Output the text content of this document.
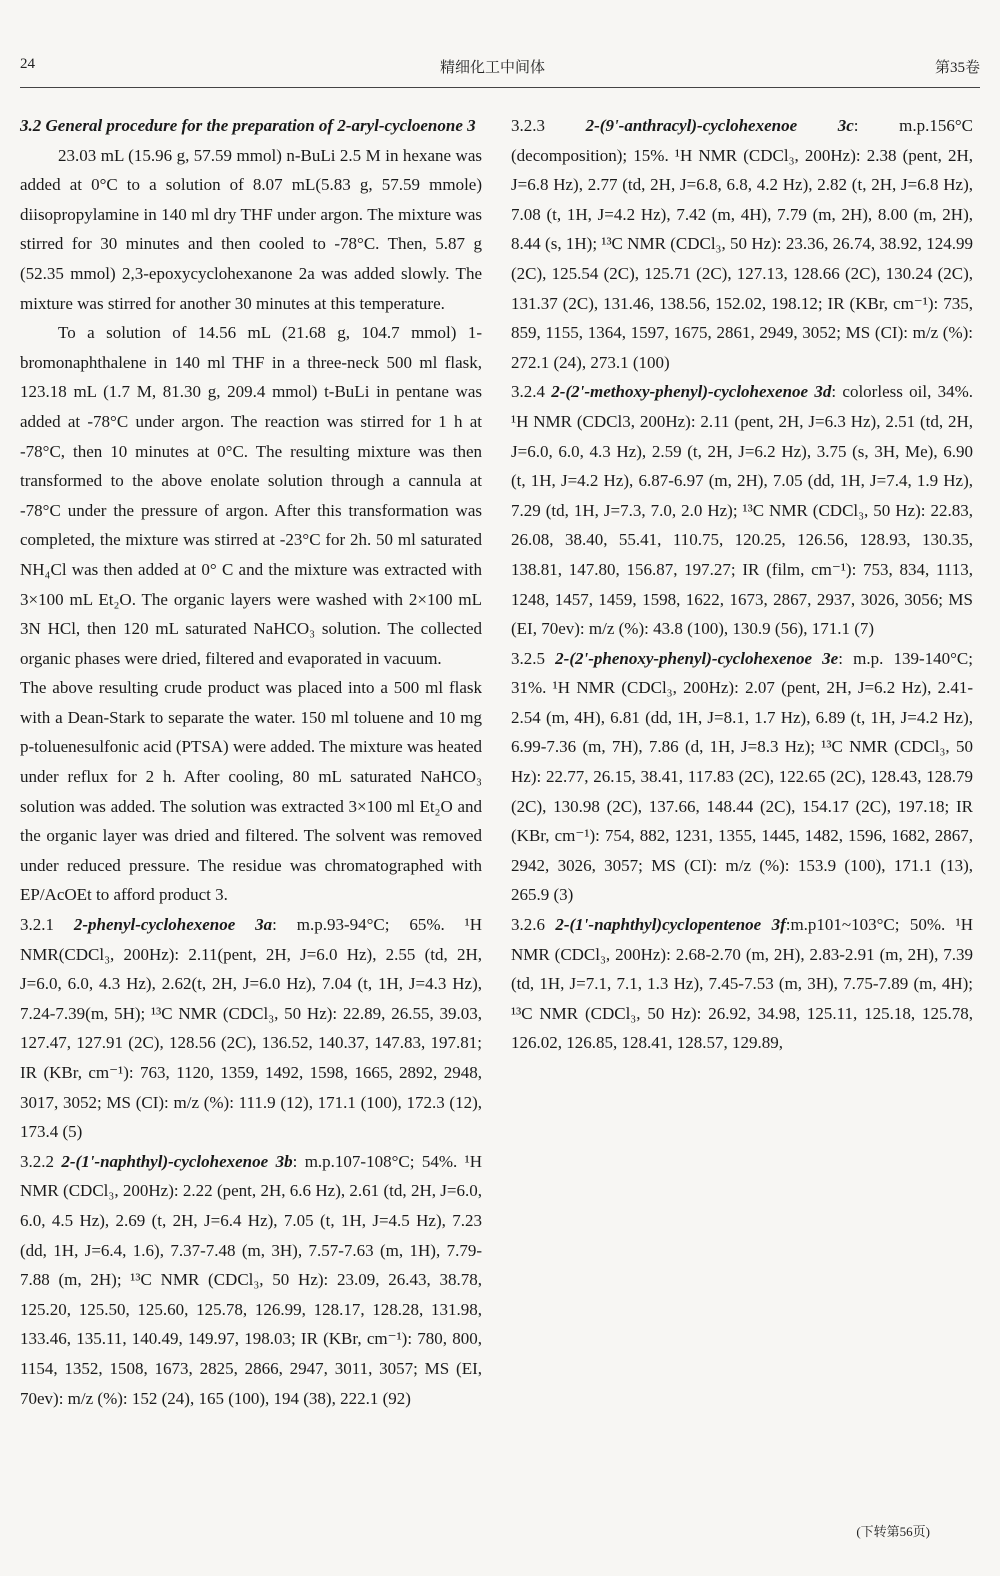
24	精细化工中间体	第35卷

3.2 General procedure for the preparation of 2-aryl-cycloenone 3

23.03 mL (15.96 g, 57.59 mmol) n-BuLi 2.5 M in hexane was added at 0°C to a solution of 8.07 mL(5.83 g, 57.59 mmole) diisopropylamine in 140 ml dry THF under argon. The mixture was stirred for 30 minutes and then cooled to -78°C. Then, 5.87 g (52.35 mmol) 2,3-epoxycyclohexanone 2a was added slowly. The mixture was stirred for another 30 minutes at this temperature.

To a solution of 14.56 mL (21.68 g, 104.7 mmol) 1-bromonaphthalene in 140 ml THF in a three-neck 500 ml flask, 123.18 mL (1.7 M, 81.30 g, 209.4 mmol) t-BuLi in pentane was added at -78°C under argon. The reaction was stirred for 1 h at -78°C, then 10 minutes at 0°C. The resulting mixture was then transformed to the above enolate solution through a cannula at -78°C under the pressure of argon. After this transformation was completed, the mixture was stirred at -23°C for 2h. 50 ml saturated NH₄Cl was then added at 0° C and the mixture was extracted with 3×100 mL Et₂O. The organic layers were washed with 2×100 mL 3N HCl, then 120 mL saturated NaHCO₃ solution. The collected organic phases were dried, filtered and evaporated in vacuum.

The above resulting crude product was placed into a 500 ml flask with a Dean-Stark to separate the water. 150 ml toluene and 10 mg p-toluenesulfonic acid (PTSA) were added. The mixture was heated under reflux for 2 h. After cooling, 80 mL saturated NaHCO₃ solution was added. The solution was extracted 3×100 ml Et₂O and the organic layer was dried and filtered. The solvent was removed under reduced pressure. The residue was chromatographed with EP/AcOEt to afford product 3.

3.2.1 2-phenyl-cyclohexenoe 3a: m.p.93-94°C; 65%. ¹H NMR(CDCl₃, 200Hz): 2.11(pent, 2H, J=6.0 Hz), 2.55 (td, 2H, J=6.0, 6.0, 4.3 Hz), 2.62(t, 2H, J=6.0 Hz), 7.04 (t, 1H, J=4.3 Hz), 7.24-7.39(m, 5H); ¹³C NMR (CDCl₃, 50 Hz): 22.89, 26.55, 39.03, 127.47, 127.91 (2C), 128.56 (2C), 136.52, 140.37, 147.83, 197.81; IR (KBr, cm⁻¹): 763, 1120, 1359, 1492, 1598, 1665, 2892, 2948, 3017, 3052; MS (CI): m/z (%): 111.9 (12), 171.1 (100), 172.3 (12), 173.4 (5)

3.2.2 2-(1'-naphthyl)-cyclohexenoe 3b: m.p.107-108°C; 54%. ¹H NMR (CDCl₃, 200Hz): 2.22 (pent, 2H, 6.6 Hz), 2.61 (td, 2H, J=6.0, 6.0, 4.5 Hz), 2.69 (t, 2H, J=6.4 Hz), 7.05 (t, 1H, J=4.5 Hz), 7.23 (dd, 1H, J=6.4, 1.6), 7.37-7.48 (m, 3H), 7.57-7.63 (m, 1H), 7.79-7.88 (m, 2H); ¹³C NMR (CDCl₃, 50 Hz): 23.09, 26.43, 38.78, 125.20, 125.50, 125.60, 125.78, 126.99, 128.17, 128.28, 131.98, 133.46, 135.11, 140.49, 149.97, 198.03; IR (KBr, cm⁻¹): 780, 800, 1154, 1352, 1508, 1673, 2825, 2866, 2947, 3011, 3057; MS (EI, 70ev): m/z (%): 152 (24), 165 (100), 194 (38), 222.1 (92)

3.2.3 2-(9'-anthracyl)-cyclohexenoe 3c: m.p.156°C (decomposition); 15%. ¹H NMR (CDCl₃, 200Hz): 2.38 (pent, 2H, J=6.8 Hz), 2.77 (td, 2H, J=6.8, 6.8, 4.2 Hz), 2.82 (t, 2H, J=6.8 Hz), 7.08 (t, 1H, J=4.2 Hz), 7.42 (m, 4H), 7.79 (m, 2H), 8.00 (m, 2H), 8.44 (s, 1H); ¹³C NMR (CDCl₃, 50 Hz): 23.36, 26.74, 38.92, 124.99 (2C), 125.54 (2C), 125.71 (2C), 127.13, 128.66 (2C), 130.24 (2C), 131.37 (2C), 131.46, 138.56, 152.02, 198.12; IR (KBr, cm⁻¹): 735, 859, 1155, 1364, 1597, 1675, 2861, 2949, 3052; MS (CI): m/z (%): 272.1 (24), 273.1 (100)

3.2.4 2-(2'-methoxy-phenyl)-cyclohexenoe 3d: colorless oil, 34%. ¹H NMR (CDCl3, 200Hz): 2.11 (pent, 2H, J=6.3 Hz), 2.51 (td, 2H, J=6.0, 6.0, 4.3 Hz), 2.59 (t, 2H, J=6.2 Hz), 3.75 (s, 3H, Me), 6.90 (t, 1H, J=4.2 Hz), 6.87-6.97 (m, 2H), 7.05 (dd, 1H, J=7.4, 1.9 Hz), 7.29 (td, 1H, J=7.3, 7.0, 2.0 Hz); ¹³C NMR (CDCl₃, 50 Hz): 22.83, 26.08, 38.40, 55.41, 110.75, 120.25, 126.56, 128.93, 130.35, 138.81, 147.80, 156.87, 197.27; IR (film, cm⁻¹): 753, 834, 1113, 1248, 1457, 1459, 1598, 1622, 1673, 2867, 2937, 3026, 3056; MS (EI, 70ev): m/z (%): 43.8 (100), 130.9 (56), 171.1 (7)

3.2.5 2-(2'-phenoxy-phenyl)-cyclohexenoe 3e: m.p. 139-140°C; 31%. ¹H NMR (CDCl₃, 200Hz): 2.07 (pent, 2H, J=6.2 Hz), 2.41-2.54 (m, 4H), 6.81 (dd, 1H, J=8.1, 1.7 Hz), 6.89 (t, 1H, J=4.2 Hz), 6.99-7.36 (m, 7H), 7.86 (d, 1H, J=8.3 Hz); ¹³C NMR (CDCl₃, 50 Hz): 22.77, 26.15, 38.41, 117.83 (2C), 122.65 (2C), 128.43, 128.79 (2C), 130.98 (2C), 137.66, 148.44 (2C), 154.17 (2C), 197.18; IR (KBr, cm⁻¹): 754, 882, 1231, 1355, 1445, 1482, 1596, 1682, 2867, 2942, 3026, 3057; MS (CI): m/z (%): 153.9 (100), 171.1 (13), 265.9 (3)

3.2.6 2-(1'-naphthyl)cyclopentenoe 3f:m.p101~103°C; 50%. ¹H NMR (CDCl₃, 200Hz): 2.68-2.70 (m, 2H), 2.83-2.91 (m, 2H), 7.39 (td, 1H, J=7.1, 7.1, 1.3 Hz), 7.45-7.53 (m, 3H), 7.75-7.89 (m, 4H); ¹³C NMR (CDCl₃, 50 Hz): 26.92, 34.98, 125.11, 125.18, 125.78, 126.02, 126.85, 128.41, 128.57, 129.89,

(下转第56页)
